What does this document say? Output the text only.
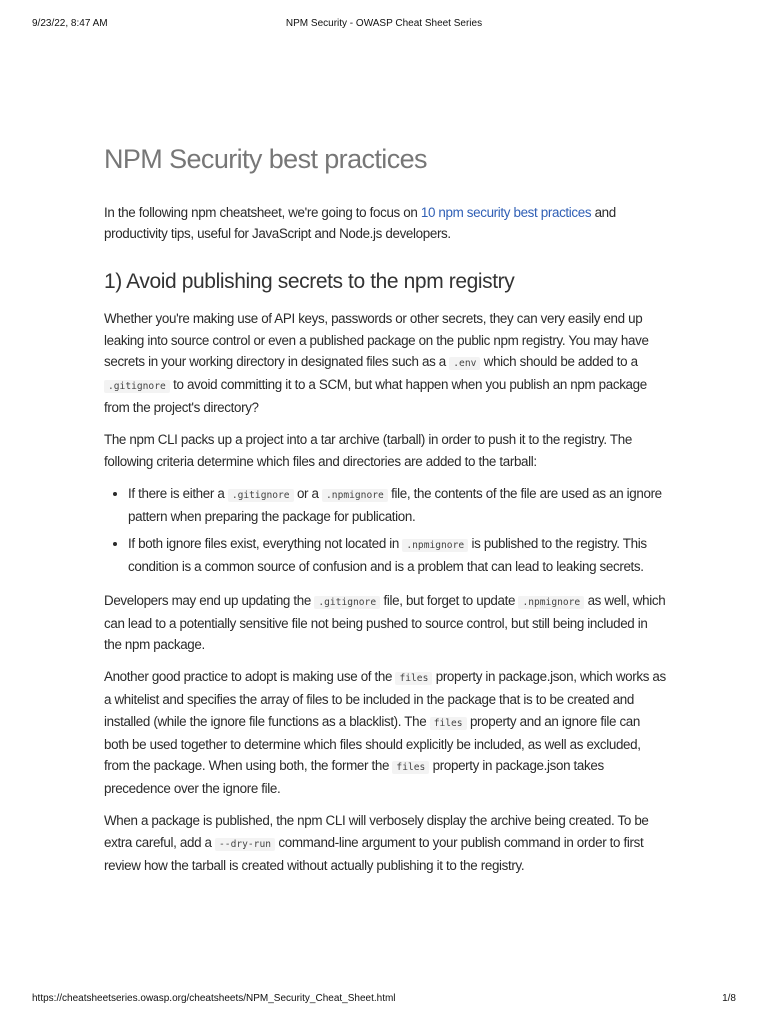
9/23/22, 8:47 AM	NPM Security - OWASP Cheat Sheet Series
NPM Security best practices

In the following npm cheatsheet, we're going to focus on 10 npm security best practices and productivity tips, useful for JavaScript and Node.js developers.

1) Avoid publishing secrets to the npm registry

Whether you're making use of API keys, passwords or other secrets, they can very easily end up leaking into source control or even a published package on the public npm registry. You may have secrets in your working directory in designated files such as a .env which should be added to a .gitignore to avoid committing it to a SCM, but what happen when you publish an npm package from the project's directory?

The npm CLI packs up a project into a tar archive (tarball) in order to push it to the registry. The following criteria determine which files and directories are added to the tarball:

• If there is either a .gitignore or a .npmignore file, the contents of the file are used as an ignore pattern when preparing the package for publication.
• If both ignore files exist, everything not located in .npmignore is published to the registry. This condition is a common source of confusion and is a problem that can lead to leaking secrets.

Developers may end up updating the .gitignore file, but forget to update .npmignore as well, which can lead to a potentially sensitive file not being pushed to source control, but still being included in the npm package.

Another good practice to adopt is making use of the files property in package.json, which works as a whitelist and specifies the array of files to be included in the package that is to be created and installed (while the ignore file functions as a blacklist). The files property and an ignore file can both be used together to determine which files should explicitly be included, as well as excluded, from the package. When using both, the former the files property in package.json takes precedence over the ignore file.

When a package is published, the npm CLI will verbosely display the archive being created. To be extra careful, add a --dry-run command-line argument to your publish command in order to first review how the tarball is created without actually publishing it to the registry.

https://cheatsheetseries.owasp.org/cheatsheets/NPM_Security_Cheat_Sheet.html	1/8
